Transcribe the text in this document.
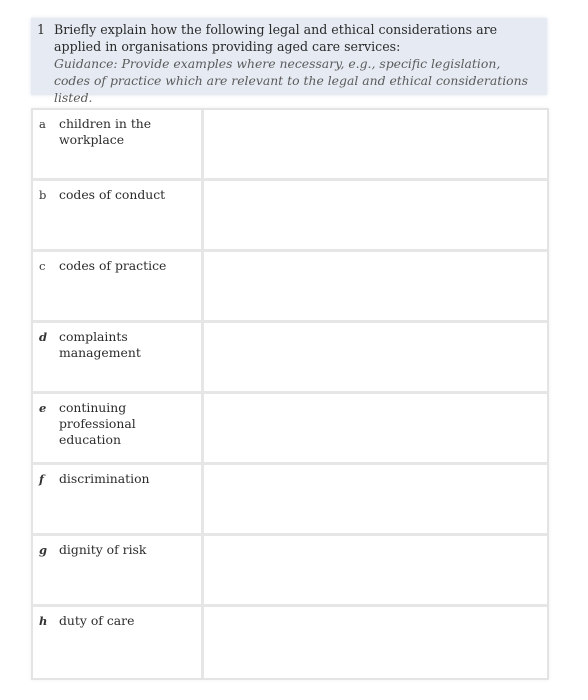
1 Briefly explain how the following legal and ethical considerations are applied in organisations providing aged care services:
Guidance: Provide examples where necessary, e.g., specific legislation, codes of practice which are relevant to the legal and ethical considerations listed.
a	children in the workplace
b	codes of conduct
c	codes of practice
d complaints management
e	continuing professional education
f	discrimination
g dignity of risk
h duty of care
